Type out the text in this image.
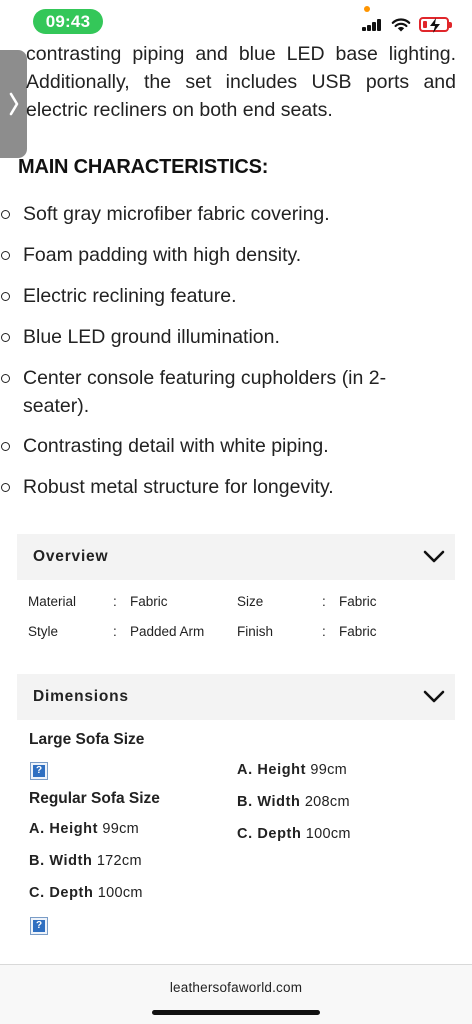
09:43

contrasting piping and blue LED base lighting. Additionally, the set includes USB ports and electric recliners on both end seats.

MAIN CHARACTERISTICS:
Soft gray microfiber fabric covering.
Foam padding with high density.
Electric reclining feature.
Blue LED ground illumination.
Center console featuring cupholders (in 2-seater).
Contrasting detail with white piping.
Robust metal structure for longevity.
Overview
Material	: Fabric	Size	: Fabric
Style	: Padded Arm Finish	: Fabric
Dimensions
Large Sofa Size
?	A. Height 99cm
B. Width 208cm
C. Depth 100cm
Regular Sofa Size
A. Height 99cm
B. Width 172cm
C. Depth 100cm
?
leathersofaworld.com
